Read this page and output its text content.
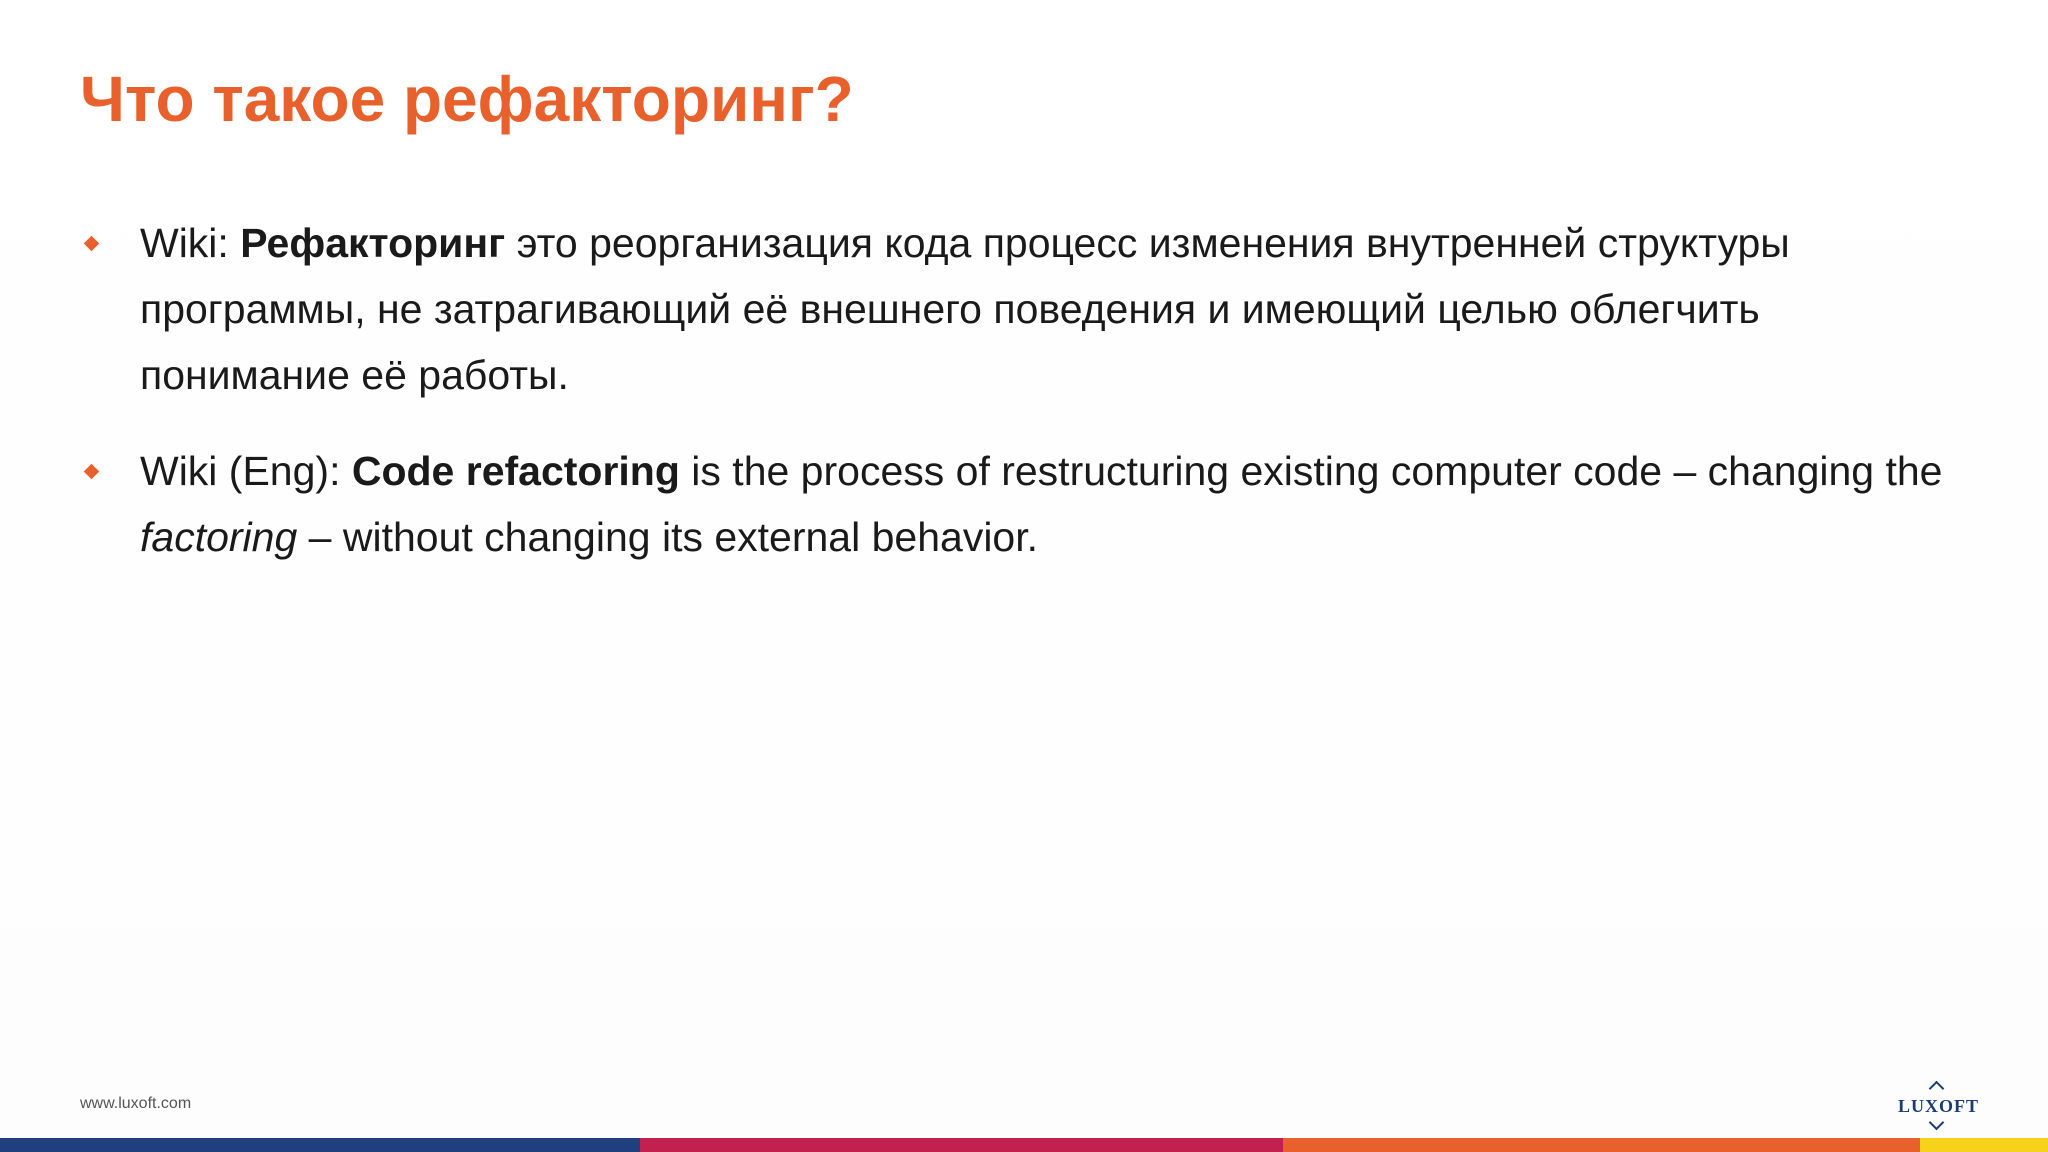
Что такое рефакторинг?
Wiki: Рефакторинг это реорганизация кода процесс изменения внутренней структуры программы, не затрагивающий её внешнего поведения и имеющий целью облегчить понимание её работы.
Wiki (Eng): Code refactoring is the process of restructuring existing computer code – changing the factoring – without changing its external behavior.
www.luxoft.com	LUXOFT
